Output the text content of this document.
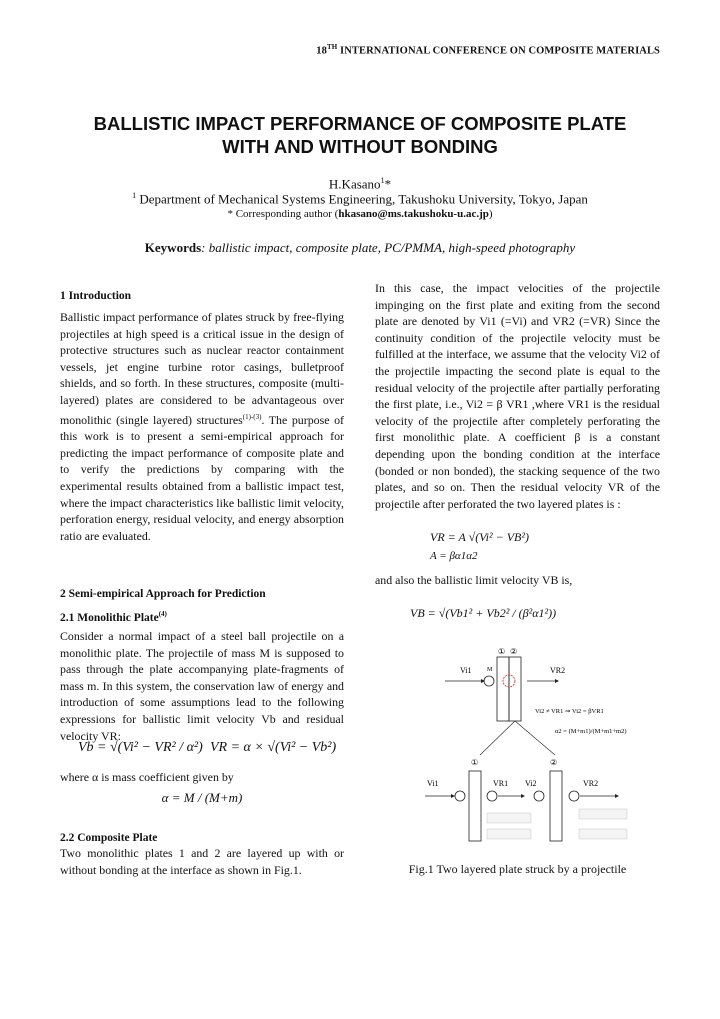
18TH INTERNATIONAL CONFERENCE ON COMPOSITE MATERIALS
BALLISTIC IMPACT PERFORMANCE OF COMPOSITE PLATE
WITH AND WITHOUT BONDING
H.Kasano$^1$*
$^1$ Department of Mechanical Systems Engineering, Takushoku University, Tokyo, Japan
* Corresponding author (hkasano@ms.takushoku-u.ac.jp)
Keywords: ballistic impact, composite plate, PC/PMMA, high-speed photography
1 Introduction

Ballistic impact performance of plates struck by free-flying projectiles at high speed is a critical issue in the design of protective structures such as nuclear reactor containment vessels, jet engine turbine rotor casings, bulletproof shields, and so forth. In these structures, composite (multi-layered) plates are considered to be advantageous over monolithic (single layered) structures$^{(1)-(3)}$. The purpose of this work is to present a semi-empirical approach for predicting the impact performance of composite plate and to verify the predictions by comparing with the experimental results obtained from a ballistic impact test, where the impact characteristics like ballistic limit velocity, perforation energy, residual velocity, and energy absorption ratio are evaluated.

2 Semi-empirical Approach for Prediction
2.1 Monolithic Plate$^{(4)}$

Consider a normal impact of a steel ball projectile on a monolithic plate. The projectile of mass M is supposed to pass through the plate accompanying plate-fragments of mass m. In this system, the conservation law of energy and introduction of some assumptions lead to the following expressions for ballistic limit velocity Vb and residual velocity VR:

Vb = √(Vi² − VR² / α²) VR = α × √(Vi² − Vb²)
where α is mass coefficient given by
α = M / (M+m)
2.2 Composite Plate

Two monolithic plates 1 and 2 are layered up with or without bonding at the interface as shown in Fig.1.

In this case, the impact velocities of the projectile impinging on the first plate and exiting from the second plate are denoted by Vi1 (=Vi) and VR2 (=VR) Since the continuity condition of the projectile velocity must be fulfilled at the interface, we assume that the velocity Vi2 of the projectile impacting the second plate is equal to the residual velocity of the projectile after partially perforating the first plate, i.e., Vi2 = β VR1 ,where VR1 is the residual velocity of the projectile after completely perforating the first monolithic plate. A coefficient β is a constant depending upon the bonding condition at the interface (bonded or non bonded), the stacking sequence of the two plates, and so on. Then the residual velocity VR of the projectile after perforated the two layered plates is :

VR = A √(Vi² − VB²)
A = βα1α2

and also the ballistic limit velocity VB is,

VB = √(Vb1² + Vb2² / (β²α1²))
① ②
Vi1	M	VR2
Vi2 ≠ VR1 ⇒ Vi2 = βVR1
α2 = (M+m1)/(M+m1+m2)
①	②
Vi1	VR1 Vi2	VR2
Fig.1 Two layered plate struck by a projectile
